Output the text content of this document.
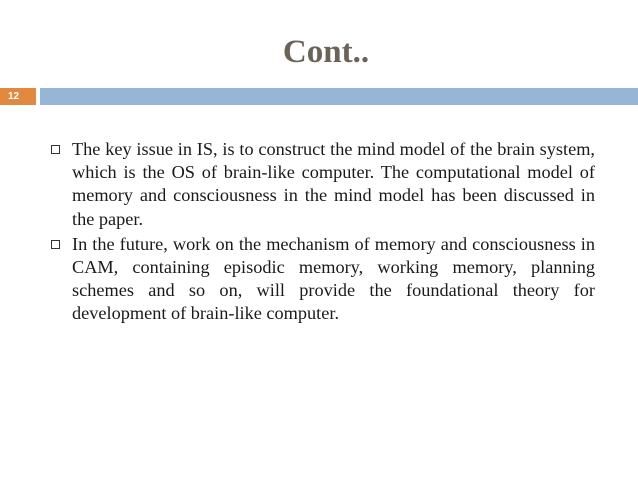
Cont..
12
The key issue in IS, is to construct the mind model of the brain system, which is the OS of brain-like computer. The computational model of memory and consciousness in the mind model has been discussed in the paper.
In the future, work on the mechanism of memory and consciousness in CAM, containing episodic memory, working memory, planning schemes and so on, will provide the foundational theory for   development of brain-like computer.
